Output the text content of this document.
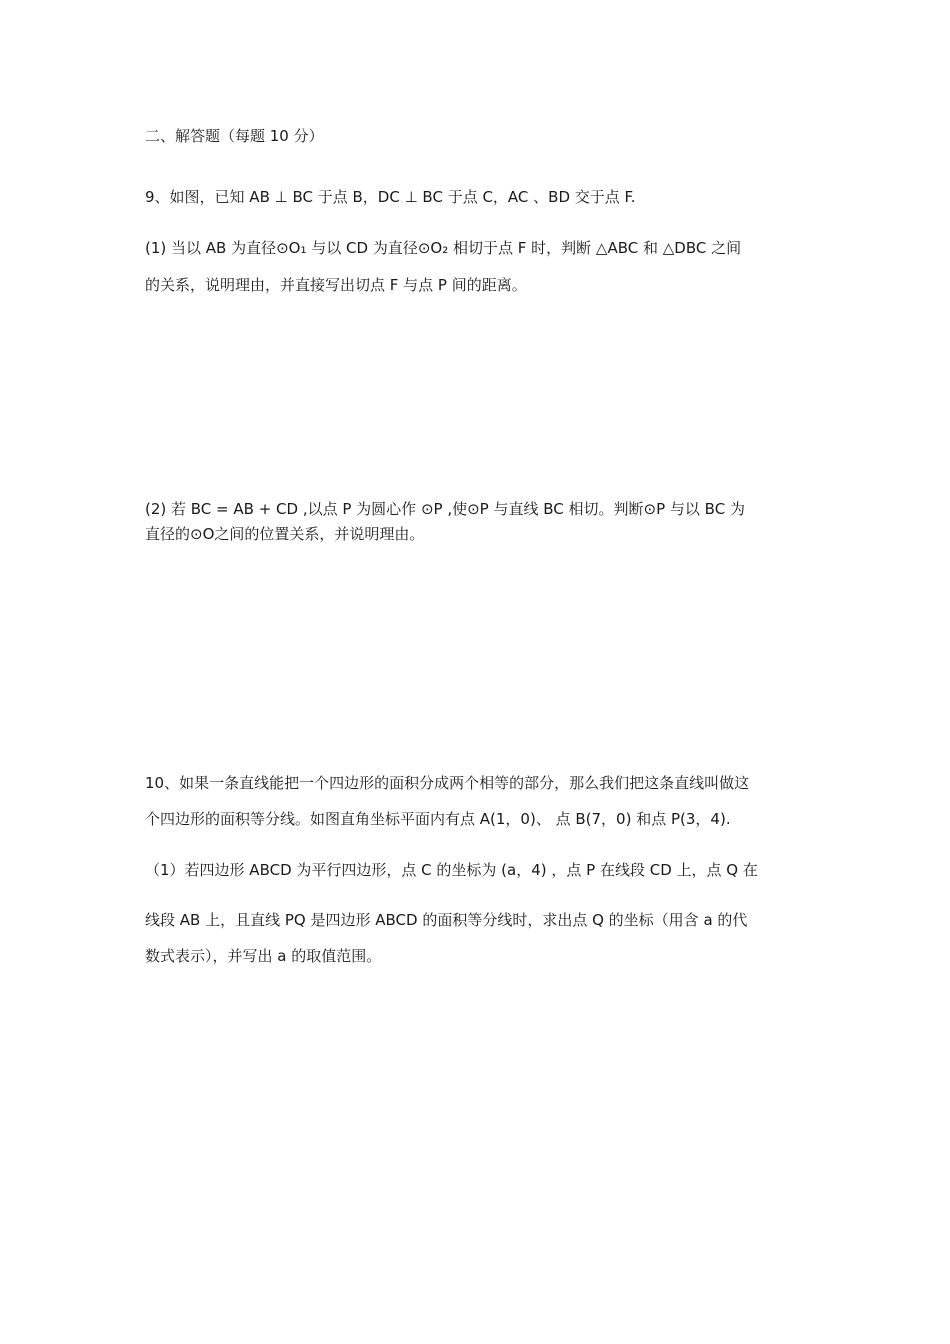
二、解答题（每题 10 分）
9、如图，已知 AB ⊥ BC 于点 B，DC ⊥ BC 于点 C，AC 、BD 交于点 F.
(1) 当以 AB 为直径⊙O₁ 与以 CD 为直径⊙O₂ 相切于点 F 时，判断 △ABC 和 △DBC 之间
的关系，说明理由，并直接写出切点 F 与点 P 间的距离。
(2) 若 BC = AB + CD ,以点 P 为圆心作 ⊙P ,使⊙P 与直线 BC 相切。判断⊙P 与以 BC 为
直径的⊙O之间的位置关系，并说明理由。
10、如果一条直线能把一个四边形的面积分成两个相等的部分，那么我们把这条直线叫做这
个四边形的面积等分线。如图直角坐标平面内有点 A(1，0)、 点 B(7，0) 和点 P(3，4).
（1）若四边形 ABCD 为平行四边形，点 C 的坐标为 (a，4) ，点 P 在线段 CD 上，点 Q 在
线段 AB 上，且直线 PQ 是四边形 ABCD 的面积等分线时，求出点 Q 的坐标（用含 a 的代
数式表示），并写出 a 的取值范围。
